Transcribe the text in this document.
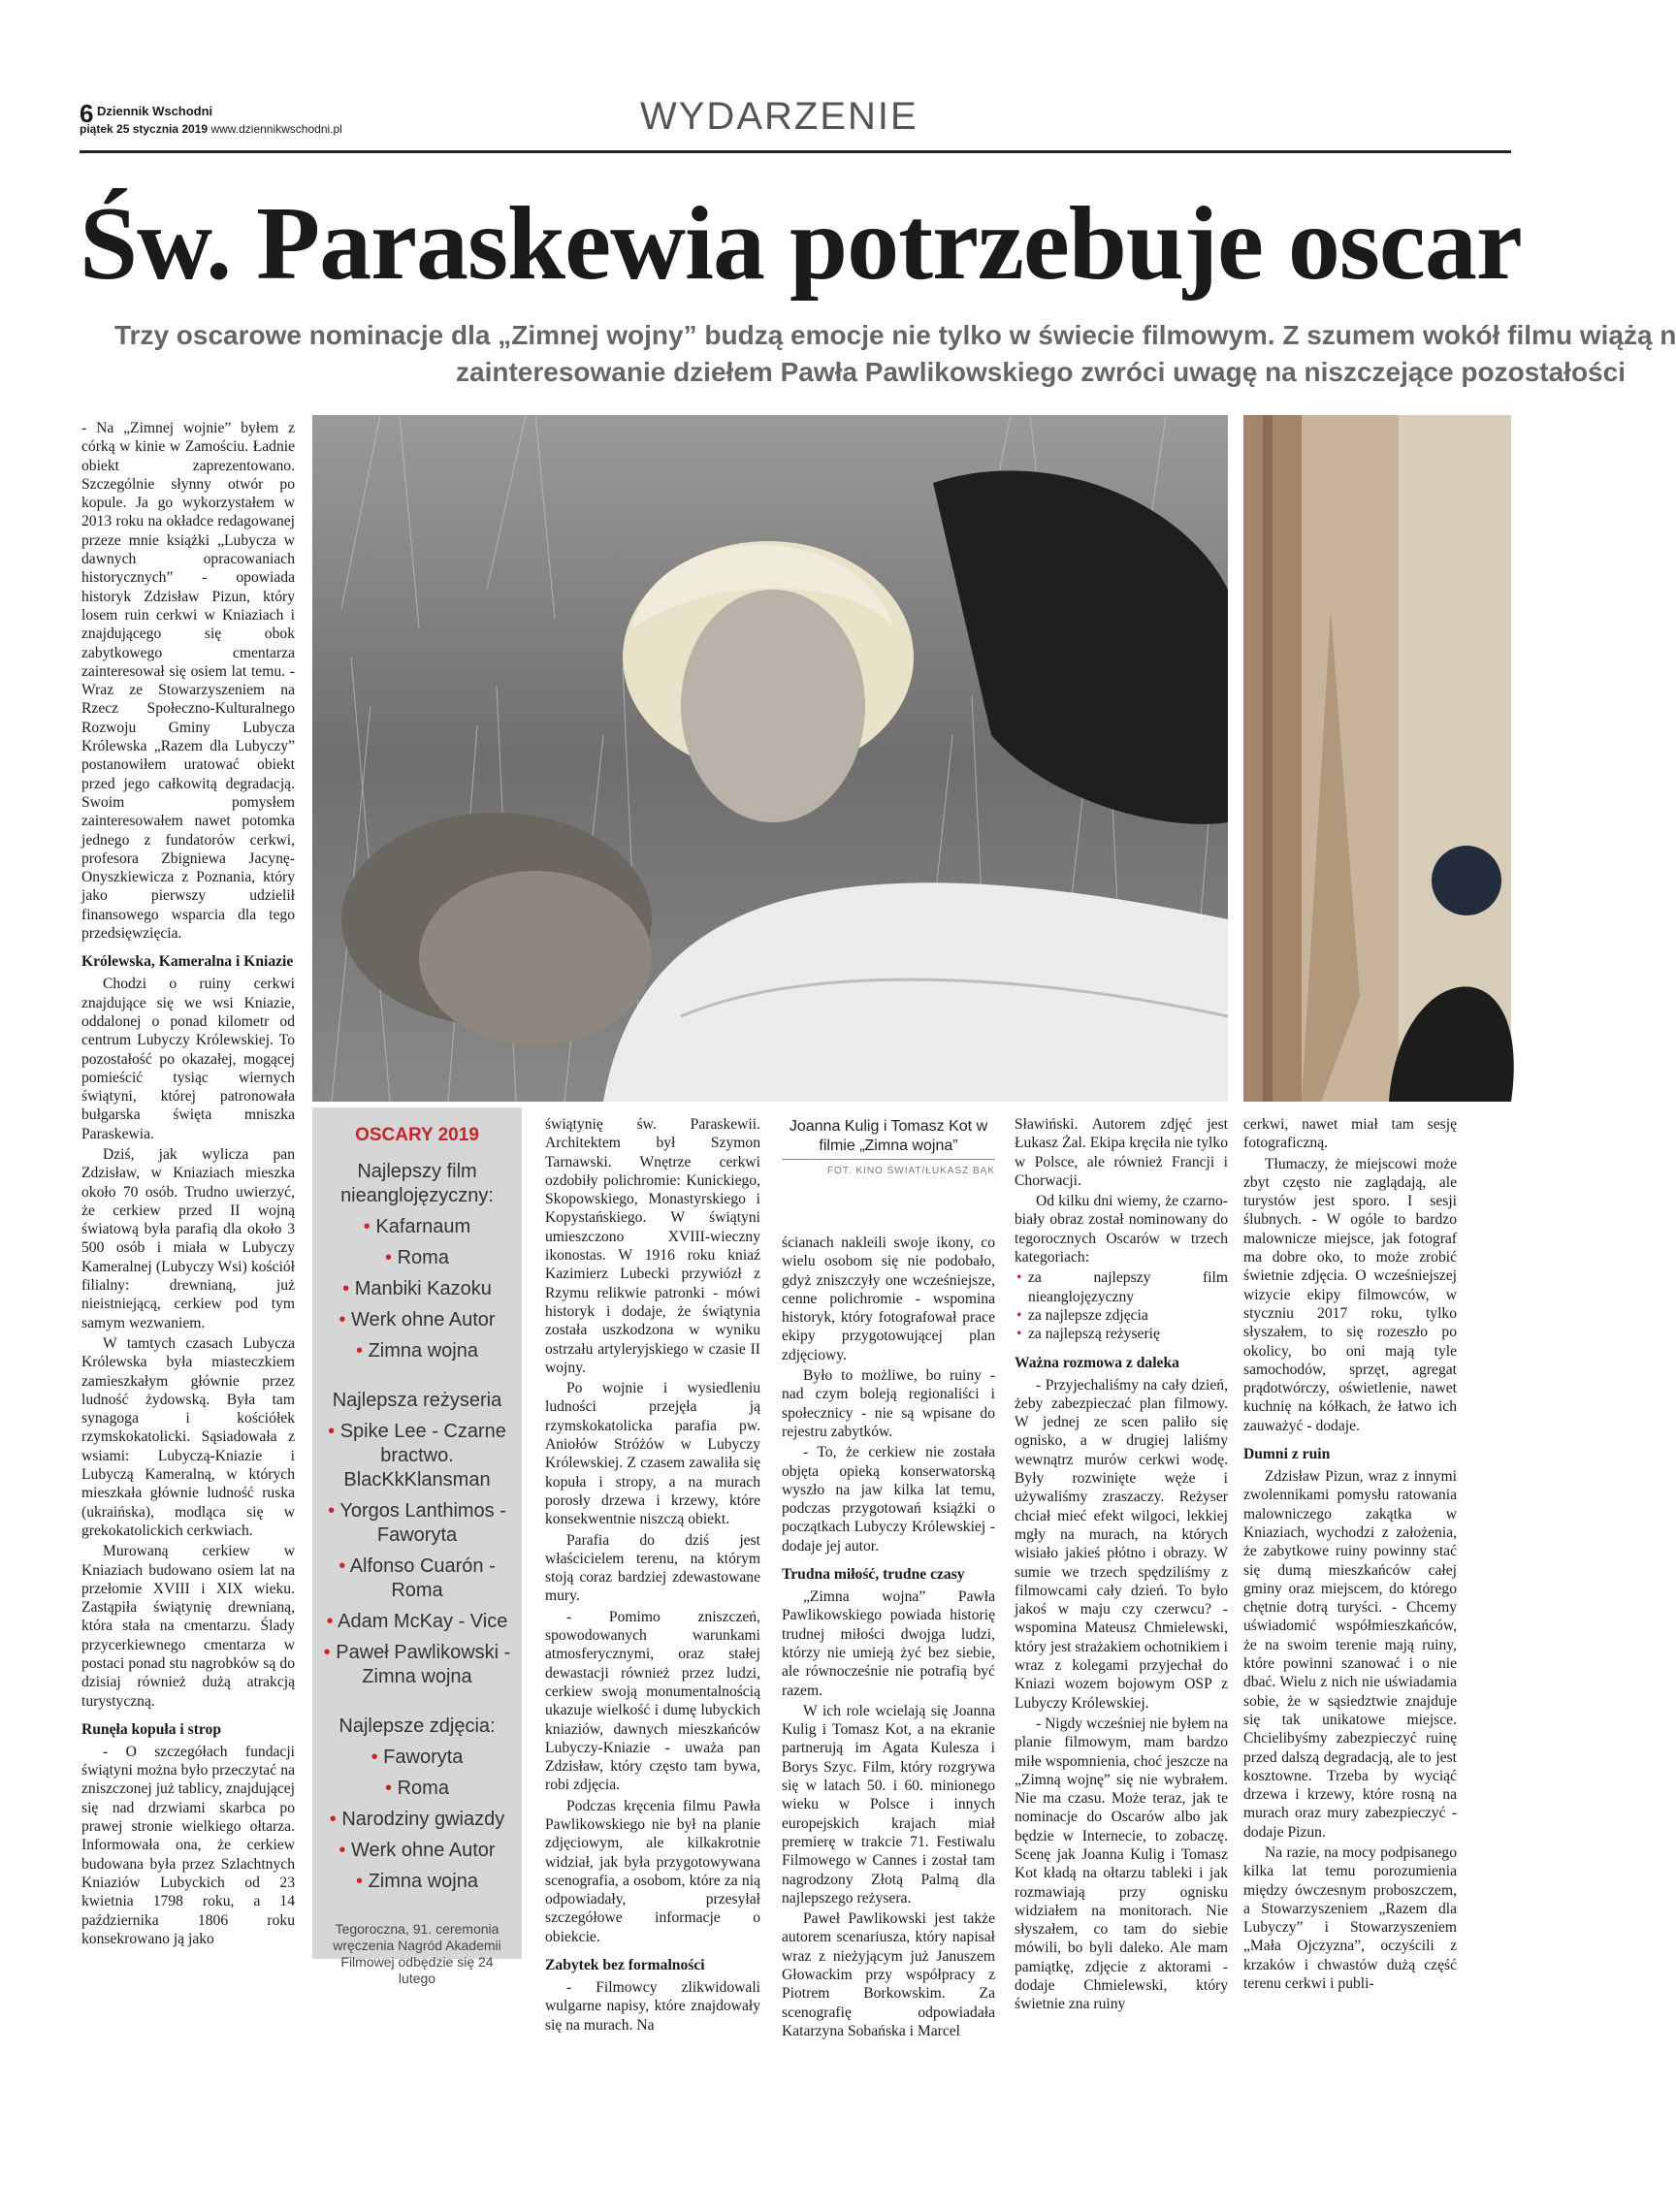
6 Dziennik Wschodni
piątek 25 stycznia 2019 www.dziennikwschodni.pl	WYDARZENIE
Św. Paraskewia potrzebuje oscar
Trzy oscarowe nominacje dla „Zimnej wojny” budzą emocje nie tylko w świecie filmowym. Z szumem wokół filmu wiążą n
zainteresowanie dziełem Pawła Pawlikowskiego zwróci uwagę na niszczejące pozostałości

- Na „Zimnej wojnie” byłem z córką w kinie w Zamościu. Ładnie obiekt zaprezentowano. Szczególnie słynny otwór po kopule. Ja go wykorzystałem w 2013 roku na okładce redagowanej przeze mnie książki „Lubycza w dawnych opracowaniach historycznych” - opowiada historyk Zdzisław Pizun, który losem ruin cerkwi w Kniaziach i znajdującego się obok zabytkowego cmentarza zainteresował się osiem lat temu. - Wraz ze Stowarzyszeniem na Rzecz Społeczno-Kulturalnego Rozwoju Gminy Lubycza Królewska „Razem dla Lubyczy” postanowiłem uratować obiekt przed jego całkowitą degradacją. Swoim pomysłem zainteresowałem nawet potomka jednego z fundatorów cerkwi, profesora Zbigniewa Jacynę-Onyszkiewicza z Poznania, który jako pierwszy udzielił finansowego wsparcia dla tego przedsięwzięcia.

Królewska, Kameralna i Kniazie

Chodzi o ruiny cerkwi znajdujące się we wsi Kniazie, oddalonej o ponad kilometr od centrum Lubyczy Królewskiej. To pozostałość po okazałej, mogącej pomieścić tysiąc wiernych świątyni, której patronowała bułgarska święta mniszka Paraskewia.

Dziś, jak wylicza pan Zdzisław, w Kniaziach mieszka około 70 osób. Trudno uwierzyć, że cerkiew przed II wojną światową była parafią dla około 3 500 osób i miała w Lubyczy Kameralnej (Lubyczy Wsi) kościół filialny: drewnianą, już nieistniejącą, cerkiew pod tym samym wezwaniem.

W tamtych czasach Lubycza Królewska była miasteczkiem zamieszkałym głównie przez ludność żydowską. Była tam synagoga i kościółek rzymskokatolicki. Sąsiadowała z wsiami: Lubyczą-Kniazie i Lubyczą Kameralną, w których mieszkała głównie ludność ruska (ukraińska), modląca się w grekokatolickich cerkwiach.

Murowaną cerkiew w Kniaziach budowano osiem lat na przełomie XVIII i XIX wieku. Zastąpiła świątynię drewnianą, która stała na cmentarzu. Ślady przycerkiewnego cmentarza w postaci ponad stu nagrobków są do dzisiaj również dużą atrakcją turystyczną.

Runęła kopuła i strop

- O szczegółach fundacji świątyni można było przeczytać na zniszczonej już tablicy, znajdującej się nad drzwiami skarbca po prawej stronie wielkiego ołtarza. Informowała ona, że cerkiew budowana była przez Szlachtnych Kniaziów Lubyckich od 23 kwietnia 1798 roku, a 14 października 1806 roku konsekrowano ją jako

OSCARY 2019
Najlepszy film nieanglojęzyczny:
• Kafarnaum
• Roma
• Manbiki Kazoku
• Werk ohne Autor
• Zimna wojna
Najlepsza reżyseria
• Spike Lee - Czarne bractwo. BlacKkKlansman
• Yorgos Lanthimos - Faworyta
• Alfonso Cuarón - Roma
• Adam McKay - Vice
• Paweł Pawlikowski - Zimna wojna
Najlepsze zdjęcia:
• Faworyta
• Roma
• Narodziny gwiazdy
• Werk ohne Autor
• Zimna wojna
Tegoroczna, 91. ceremonia wręczenia Nagród Akademii Filmowej odbędzie się 24 lutego

świątynię św. Paraskewii. Architektem był Szymon Tarnawski. Wnętrze cerkwi ozdobiły polichromie: Kunickiego, Skopowskiego, Monastyrskiego i Kopystańskiego. W świątyni umieszczono XVIII-wieczny ikonostas. W 1916 roku kniaź Kazimierz Lubecki przywiózł z Rzymu relikwie patronki - mówi historyk i dodaje, że świątynia została uszkodzona w wyniku ostrzału artyleryjskiego w czasie II wojny.

Po wojnie i wysiedleniu ludności przejęła ją rzymskokatolicka parafia pw. Aniołów Stróżów w Lubyczy Królewskiej. Z czasem zawaliła się kopuła i stropy, a na murach porosły drzewa i krzewy, które konsekwentnie niszczą obiekt.

Parafia do dziś jest właścicielem terenu, na którym stoją coraz bardziej zdewastowane mury.

- Pomimo zniszczeń, spowodowanych warunkami atmosferycznymi, oraz stałej dewastacji również przez ludzi, cerkiew swoją monumentalnością ukazuje wielkość i dumę lubyckich kniaziów, dawnych mieszkańców Lubyczy-Kniazie - uważa pan Zdzisław, który często tam bywa, robi zdjęcia.

Podczas kręcenia filmu Pawła Pawlikowskiego nie był na planie zdjęciowym, ale kilkakrotnie widział, jak była przygotowywana scenografia, a osobom, które za nią odpowiadały, przesyłał szczegółowe informacje o obiekcie.

Zabytek bez formalności

- Filmowcy zlikwidowali wulgarne napisy, które znajdowały się na murach. Na

Joanna Kulig i Tomasz Kot w filmie „Zimna wojna”
FOT. KINO ŚWIAT/ŁUKASZ BĄK

ścianach nakleili swoje ikony, co wielu osobom się nie podobało, gdyż zniszczyły one wcześniejsze, cenne polichromie - wspomina historyk, który fotografował prace ekipy przygotowującej plan zdjęciowy.

Było to możliwe, bo ruiny - nad czym boleją regionaliści i społecznicy - nie są wpisane do rejestru zabytków.

- To, że cerkiew nie została objęta opieką konserwatorską wyszło na jaw kilka lat temu, podczas przygotowań książki o początkach Lubyczy Królewskiej - dodaje jej autor.

Trudna miłość, trudne czasy

„Zimna wojna” Pawła Pawlikowskiego powiada historię trudnej miłości dwojga ludzi, którzy nie umieją żyć bez siebie, ale równocześnie nie potrafią być razem.

W ich role wcielają się Joanna Kulig i Tomasz Kot, a na ekranie partnerują im Agata Kulesza i Borys Szyc. Film, który rozgrywa się w latach 50. i 60. minionego wieku w Polsce i innych europejskich krajach miał premierę w trakcie 71. Festiwalu Filmowego w Cannes i został tam nagrodzony Złotą Palmą dla najlepszego reżysera.

Paweł Pawlikowski jest także autorem scenariusza, który napisał wraz z nieżyjącym już Januszem Głowackim przy współpracy z Piotrem Borkowskim. Za scenografię odpowiadała Katarzyna Sobańska i Marcel

Sławiński. Autorem zdjęć jest Łukasz Żal. Ekipa kręciła nie tylko w Polsce, ale również Francji i Chorwacji.

Od kilku dni wiemy, że czarno-biały obraz został nominowany do tegorocznych Oscarów w trzech kategoriach:

• za najlepszy film nieanglojęzyczny
• za najlepsze zdjęcia
• za najlepszą reżyserię
Ważna rozmowa z daleka

- Przyjechaliśmy na cały dzień, żeby zabezpieczać plan filmowy. W jednej ze scen paliło się ognisko, a w drugiej laliśmy wewnątrz murów cerkwi wodę. Były rozwinięte węże i używaliśmy zraszaczy. Reżyser chciał mieć efekt wilgoci, lekkiej mgły na murach, na których wisiało jakieś płótno i obrazy. W sumie we trzech spędziliśmy z filmowcami cały dzień. To było jakoś w maju czy czerwcu? - wspomina Mateusz Chmielewski, który jest strażakiem ochotnikiem i wraz z kolegami przyjechał do Kniazi wozem bojowym OSP z Lubyczy Królewskiej.

- Nigdy wcześniej nie byłem na planie filmowym, mam bardzo miłe wspomnienia, choć jeszcze na „Zimną wojnę” się nie wybrałem. Nie ma czasu. Może teraz, jak te nominacje do Oscarów albo jak będzie w Internecie, to zobaczę. Scenę jak Joanna Kulig i Tomasz Kot kładą na ołtarzu tableki i jak rozmawiają przy ognisku widziałem na monitorach. Nie słyszałem, co tam do siebie mówili, bo byli daleko. Ale mam pamiątkę, zdjęcie z aktorami - dodaje Chmielewski, który świetnie zna ruiny

cerkwi, nawet miał tam sesję fotograficzną.

Tłumaczy, że miejscowi może zbyt często nie zaglądają, ale turystów jest sporo. I sesji ślubnych. - W ogóle to bardzo malownicze miejsce, jak fotograf ma dobre oko, to może zrobić świetnie zdjęcia. O wcześniejszej wizycie ekipy filmowców, w styczniu 2017 roku, tylko słyszałem, to się rozeszło po okolicy, bo oni mają tyle samochodów, sprzęt, agregat prądotwórczy, oświetlenie, nawet kuchnię na kółkach, że łatwo ich zauważyć - dodaje.

Dumni z ruin

Zdzisław Pizun, wraz z innymi zwolennikami pomysłu ratowania malowniczego zakątka w Kniaziach, wychodzi z założenia, że zabytkowe ruiny powinny stać się dumą mieszkańców całej gminy oraz miejscem, do którego chętnie dotrą turyści. - Chcemy uświadomić współmieszkańców, że na swoim terenie mają ruiny, które powinni szanować i o nie dbać. Wielu z nich nie uświadamia sobie, że w sąsiedztwie znajduje się tak unikatowe miejsce. Chcielibyśmy zabezpieczyć ruinę przed dalszą degradacją, ale to jest kosztowne. Trzeba by wyciąć drzewa i krzewy, które rosną na murach oraz mury zabezpieczyć - dodaje Pizun.

Na razie, na mocy podpisanego kilka lat temu porozumienia między ówczesnym proboszczem, a Stowarzyszeniem „Razem dla Lubyczy” i Stowarzyszeniem „Mała Ojczyzna”, oczyścili z krzaków i chwastów dużą część terenu cerkwi i publi-
